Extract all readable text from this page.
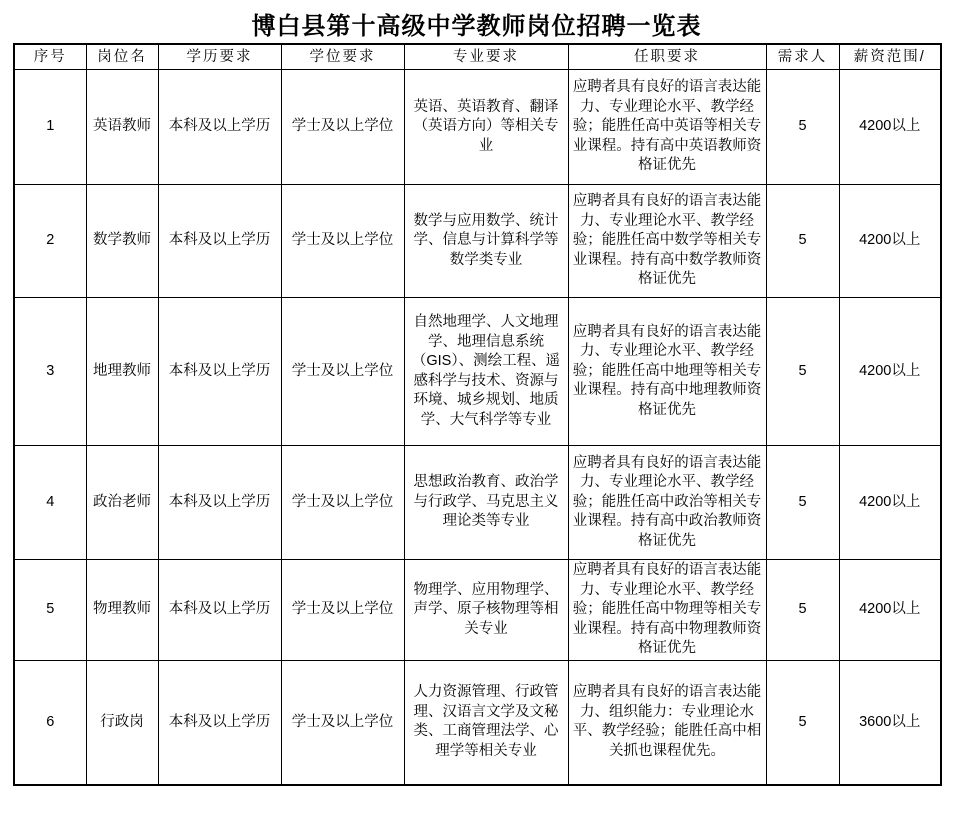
博白县第十高级中学教师岗位招聘一览表
序号	岗位名	学历要求	学位要求	专业要求	任职要求	需求人	薪资范围/
1	英语教师	本科及以上学历	学士及以上学位	英语、英语教育、翻译（英语方向）等相关专业	应聘者具有良好的语言表达能力、专业理论水平、教学经验；能胜任高中英语等相关专业课程。持有高中英语教师资格证优先	5	4200以上
2	数学教师	本科及以上学历	学士及以上学位	数学与应用数学、统计学、信息与计算科学等数学类专业	应聘者具有良好的语言表达能力、专业理论水平、教学经验；能胜任高中数学等相关专业课程。持有高中数学教师资格证优先	5	4200以上
3	地理教师	本科及以上学历	学士及以上学位	自然地理学、人文地理学、地理信息系统（GIS）、测绘工程、遥感科学与技术、资源与环境、城乡规划、地质学、大气科学等专业	应聘者具有良好的语言表达能力、专业理论水平、教学经验；能胜任高中地理等相关专业课程。持有高中地理教师资格证优先	5	4200以上
4	政治老师	本科及以上学历	学士及以上学位	思想政治教育、政治学与行政学、马克思主义理论类等专业	应聘者具有良好的语言表达能力、专业理论水平、教学经验；能胜任高中政治等相关专业课程。持有高中政治教师资格证优先	5	4200以上
5	物理教师	本科及以上学历	学士及以上学位	物理学、应用物理学、声学、原子核物理等相关专业	应聘者具有良好的语言表达能力、专业理论水平、教学经验；能胜任高中物理等相关专业课程。持有高中物理教师资格证优先	5	4200以上
6	行政岗	本科及以上学历	学士及以上学位	人力资源管理、行政管理、汉语言文学及文秘类、工商管理法学、心理学等相关专业	应聘者具有良好的语言表达能力、组织能力：专业理论水平、教学经验；能胜任高中相关抓也课程优先。	5	3600以上
